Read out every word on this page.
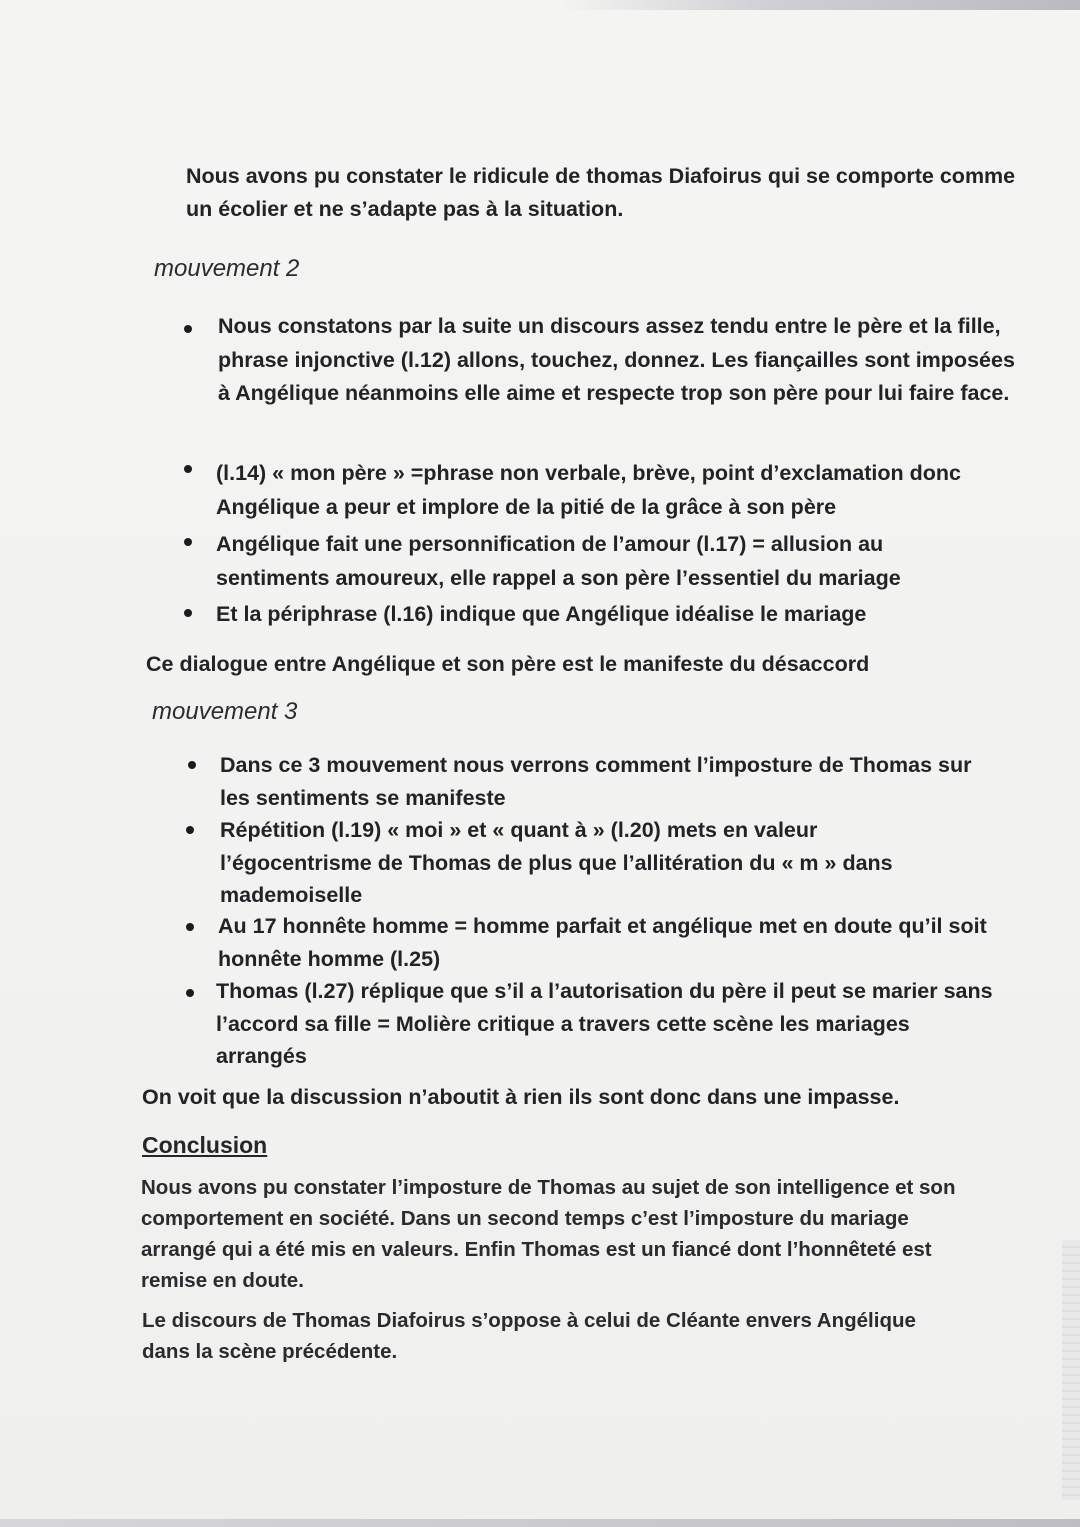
Nous avons pu constater le ridicule de thomas Diafoirus qui se comporte comme un écolier et ne s’adapte pas à la situation.

mouvement 2

Nous constatons par la suite un discours assez tendu entre le père et la fille, phrase injonctive (l.12) allons, touchez, donnez. Les fiançailles sont imposées à Angélique néanmoins elle aime et respecte trop son père pour lui faire face.

(l.14) « mon père » =phrase non verbale, brève, point d’exclamation donc Angélique a peur et implore de la pitié de la grâce à son père

Angélique fait une personnification de l’amour (l.17) = allusion au sentiments amoureux, elle rappel a son père l’essentiel du mariage

Et la périphrase (l.16) indique que Angélique idéalise le mariage

Ce dialogue entre Angélique et son père est le manifeste du désaccord

mouvement 3

Dans ce 3 mouvement nous verrons comment l’imposture de Thomas sur les sentiments se manifeste

Répétition (l.19) « moi » et « quant à » (l.20) mets en valeur l’égocentrisme de Thomas de plus que l’allitération du « m » dans mademoiselle

Au 17 honnête homme = homme parfait et angélique met en doute qu’il soit honnête homme (l.25)

Thomas (l.27) réplique que s’il a l’autorisation du père il peut se marier sans l’accord sa fille = Molière critique a travers cette scène les mariages arrangés

On voit que la discussion n’aboutit à rien ils sont donc dans une impasse.

Conclusion

Nous avons pu constater l’imposture de Thomas au sujet de son intelligence et son comportement en société. Dans un second temps c’est l’imposture du mariage arrangé qui a été mis en valeurs. Enfin Thomas est un fiancé dont l’honnêteté est remise en doute.

Le discours de Thomas Diafoirus s’oppose à celui de Cléante envers Angélique dans la scène précédente.
